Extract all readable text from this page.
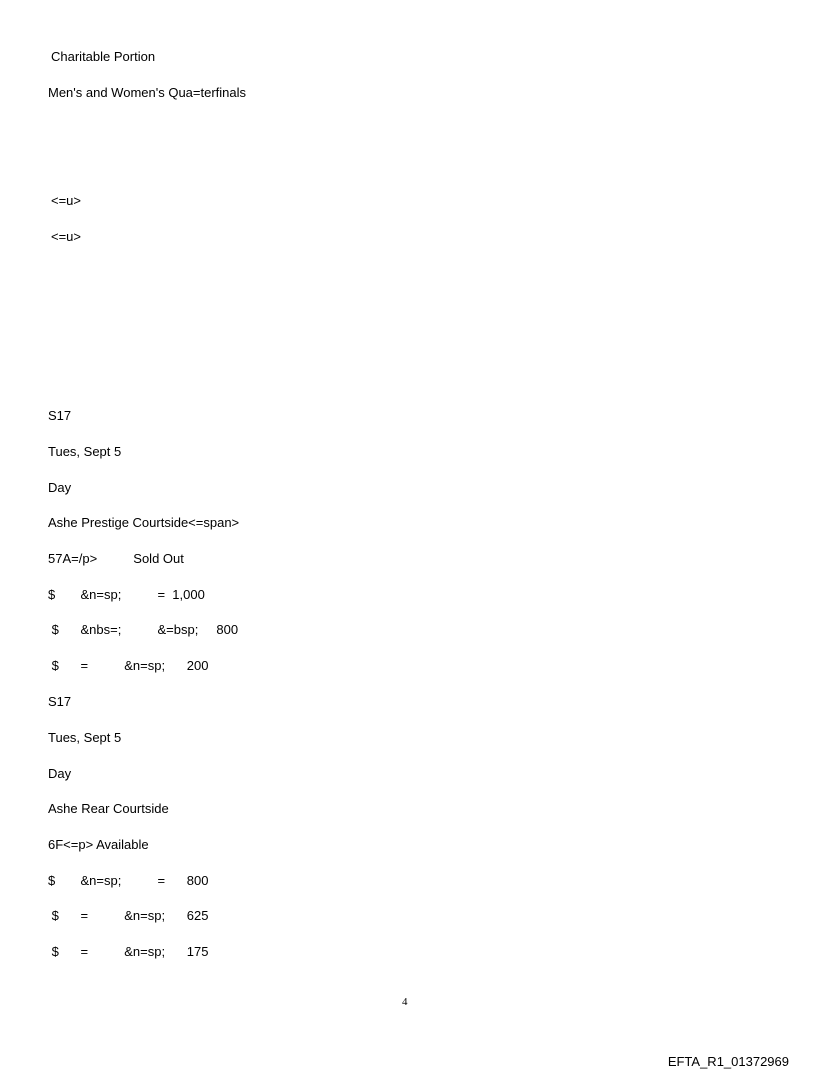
Charitable Portion
Men's and Women's Qua=terfinals
<=u>
<=u>
S17
Tues, Sept 5
Day
Ashe Prestige Courtside<=span>
57A=/p>          Sold Out
$       &n=sp;          =  1,000
$      &nbs=;          &=bsp;     800
$      =          &n=sp;      200
S17
Tues, Sept 5
Day
Ashe Rear Courtside
6F<=p> Available
$       &n=sp;          =      800
$      =          &n=sp;      625
$      =          &n=sp;      175
4
EFTA_R1_01372969
